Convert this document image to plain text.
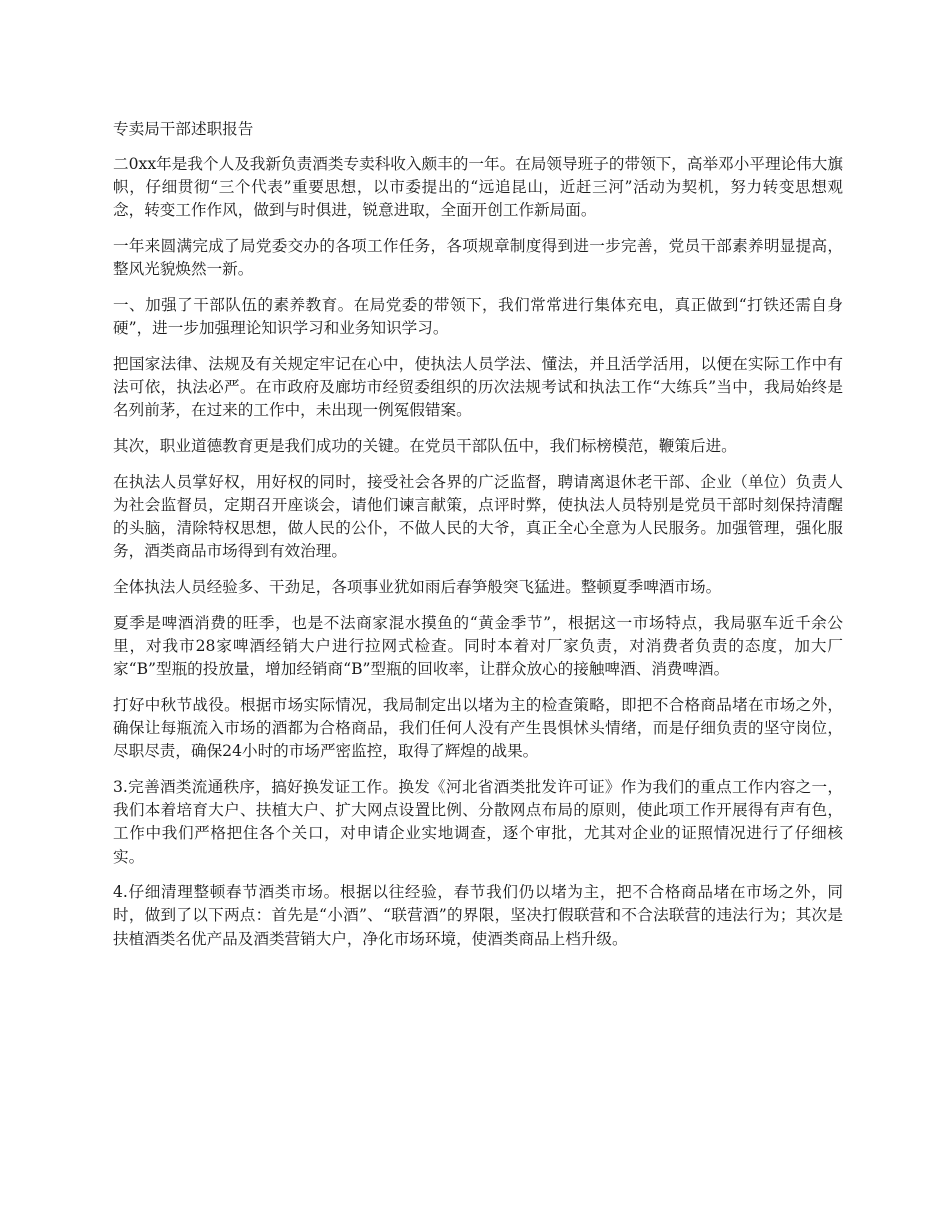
专卖局干部述职报告

二0xx年是我个人及我新负责酒类专卖科收入颇丰的一年。在局领导班子的带领下，高举邓小平理论伟大旗帜，仔细贯彻“三个代表”重要思想，以市委提出的“远追昆山，近赶三河”活动为契机，努力转变思想观念，转变工作作风，做到与时俱进，锐意进取，全面开创工作新局面。

一年来圆满完成了局党委交办的各项工作任务，各项规章制度得到进一步完善，党员干部素养明显提高，整风光貌焕然一新。

一、加强了干部队伍的素养教育。在局党委的带领下，我们常常进行集体充电，真正做到“打铁还需自身硬”，进一步加强理论知识学习和业务知识学习。

把国家法律、法规及有关规定牢记在心中，使执法人员学法、懂法，并且活学活用，以便在实际工作中有法可依，执法必严。在市政府及廊坊市经贸委组织的历次法规考试和执法工作“大练兵”当中，我局始终是名列前茅，在过来的工作中，未出现一例冤假错案。

其次，职业道德教育更是我们成功的关键。在党员干部队伍中，我们标榜模范，鞭策后进。

在执法人员掌好权，用好权的同时，接受社会各界的广泛监督，聘请离退休老干部、企业（单位）负责人为社会监督员，定期召开座谈会，请他们谏言献策，点评时弊，使执法人员特别是党员干部时刻保持清醒的头脑，清除特权思想，做人民的公仆，不做人民的大爷，真正全心全意为人民服务。加强管理，强化服务，酒类商品市场得到有效治理。

全体执法人员经验多、干劲足，各项事业犹如雨后春笋般突飞猛进。整顿夏季啤酒市场。

夏季是啤酒消费的旺季，也是不法商家混水摸鱼的“黄金季节”，根据这一市场特点，我局驱车近千余公里，对我市28家啤酒经销大户进行拉网式检查。同时本着对厂家负责，对消费者负责的态度，加大厂家“B”型瓶的投放量，增加经销商“B”型瓶的回收率，让群众放心的接触啤酒、消费啤酒。

打好中秋节战役。根据市场实际情况，我局制定出以堵为主的检查策略，即把不合格商品堵在市场之外，确保让每瓶流入市场的酒都为合格商品，我们任何人没有产生畏惧怵头情绪，而是仔细负责的坚守岗位，尽职尽责，确保24小时的市场严密监控，取得了辉煌的战果。

3.完善酒类流通秩序，搞好换发证工作。换发《河北省酒类批发许可证》作为我们的重点工作内容之一，我们本着培育大户、扶植大户、扩大网点设置比例、分散网点布局的原则，使此项工作开展得有声有色，工作中我们严格把住各个关口，对申请企业实地调查，逐个审批，尤其对企业的证照情况进行了仔细核实。

4.仔细清理整顿春节酒类市场。根据以往经验，春节我们仍以堵为主，把不合格商品堵在市场之外，同时，做到了以下两点：首先是“小酒”、“联营酒”的界限，坚决打假联营和不合法联营的违法行为；其次是扶植酒类名优产品及酒类营销大户，净化市场环境，使酒类商品上档升级。
